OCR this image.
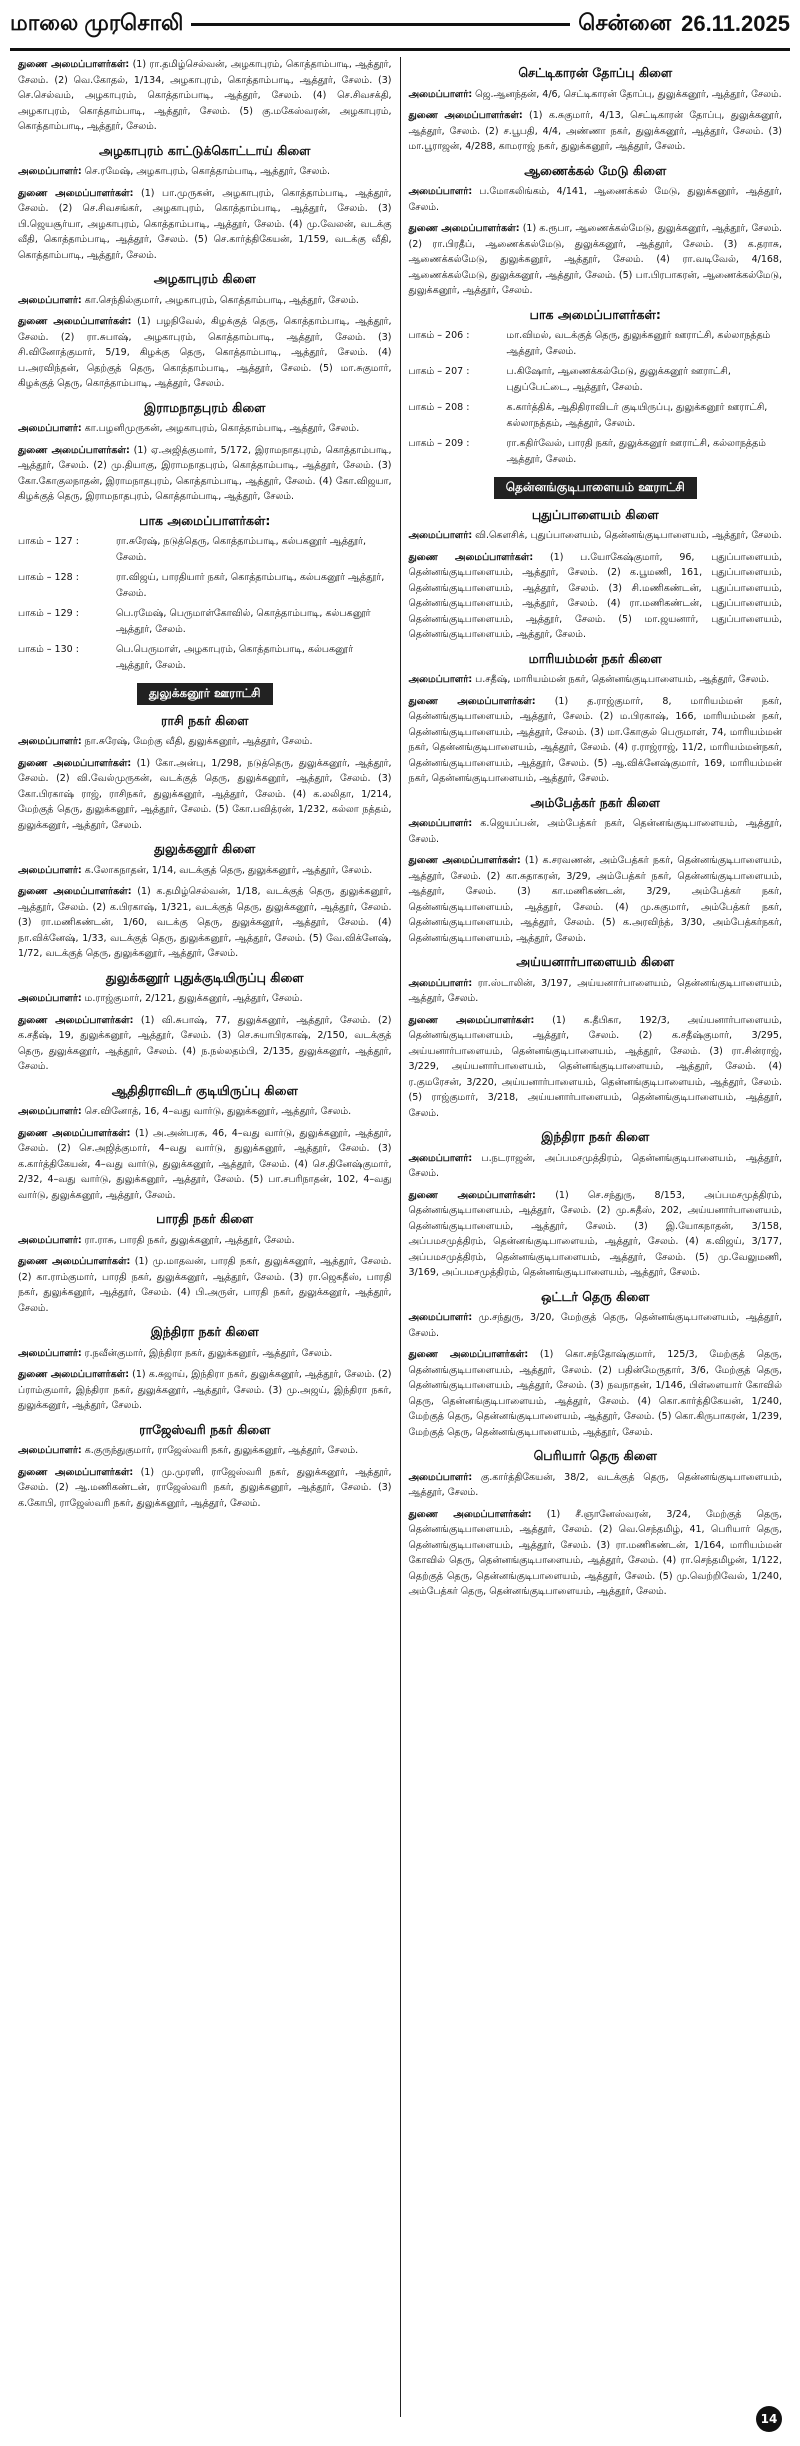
மாலை முரசொலி	சென்னை 26.11.2025

துணை அமைப்பாளர்கள்: (1) ரா.தமிழ்செல்வன், அழகாபுரம், கொத்தாம்பாடி, ஆத்தூர், சேலம். (2) வெ.கோதல், 1/134, அழகாபுரம், கொத்தாம்பாடி, ஆத்தூர், சேலம். (3) செ.செல்வம், அழகாபுரம், கொத்தாம்பாடி, ஆத்தூர், சேலம். (4) செ.சிவசக்தி, அழகாபுரம், கொத்தாம்பாடி, ஆத்தூர், சேலம். (5) கு.மகேஸ்வரன், அழகாபுரம், கொத்தாம்பாடி, ஆத்தூர், சேலம்.

அழகாபுரம் காட்டுக்கொட்டாய் கிளை

அமைப்பாளர்: செ.ரமேஷ், அழகாபுரம், கொத்தாம்பாடி, ஆத்தூர், சேலம்.

துணை அமைப்பாளர்கள்: (1) பா.முருகன், அழகாபுரம், கொத்தாம்பாடி, ஆத்தூர், சேலம். (2) செ.சிவசங்கர், அழகாபுரம், கொத்தாம்பாடி, ஆத்தூர், சேலம். (3) பி.ஜெயசூர்யா, அழகாபுரம், கொத்தாம்பாடி, ஆத்தூர், சேலம். (4) மு.வேலன், வடக்கு வீதி, கொத்தாம்பாடி, ஆத்தூர், சேலம். (5) செ.கார்த்திகேயன், 1/159, வடக்கு வீதி, கொத்தாம்பாடி, ஆத்தூர், சேலம்.

அழகாபுரம் கிளை

அமைப்பாளர்: கா.செந்தில்குமார், அழகாபுரம், கொத்தாம்பாடி, ஆத்தூர், சேலம்.

துணை அமைப்பாளர்கள்: (1) பழநிவேல், கிழக்குத் தெரு, கொத்தாம்பாடி, ஆத்தூர், சேலம். (2) ரா.சுபாஷ், அழகாபுரம், கொத்தாம்பாடி, ஆத்தூர், சேலம். (3) சி.வினோத்குமார், 5/19, கிழக்கு தெரு, கொத்தாம்பாடி, ஆத்தூர், சேலம். (4) ப.அரவிந்தன், தெற்குத் தெரு, கொத்தாம்பாடி, ஆத்தூர், சேலம். (5) மா.சுகுமார், கிழக்குத் தெரு, கொத்தாம்பாடி, ஆத்தூர், சேலம்.

இராமநாதபுரம் கிளை

அமைப்பாளர்: கா.பழனிமுருகன், அழகாபுரம், கொத்தாம்பாடி, ஆத்தூர், சேலம்.

துணை அமைப்பாளர்கள்: (1) ஏ.அஜித்குமார், 5/172, இராமநாதபுரம், கொத்தாம்பாடி, ஆத்தூர், சேலம். (2) மு.தியாகு, இராமநாதபுரம், கொத்தாம்பாடி, ஆத்தூர், சேலம். (3) கோ.கோகுலநாதன், இராமநாதபுரம், கொத்தாம்பாடி, ஆத்தூர், சேலம். (4) கோ.விஜயா, கிழக்குத் தெரு, இராமநாதபுரம், கொத்தாம்பாடி, ஆத்தூர், சேலம்.

பாக அமைப்பாளர்கள்:
பாகம் – 127 :	ரா.சுரேஷ், நடுத்தெரு, கொத்தாம்பாடி, கல்பகனூர் ஆத்தூர், சேலம்.
பாகம் – 128 :	ரா.விஜய், பாரதியார் நகர், கொத்தாம்பாடி, கல்பகனூர் ஆத்தூர், சேலம்.
பாகம் – 129 :	பெ.ரமேஷ், பெருமாள்கோவில், கொத்தாம்பாடி, கல்பகனூர் ஆத்தூர், சேலம்.
பாகம் – 130 :	பெ.பெருமாள், அழகாபுரம், கொத்தாம்பாடி, கல்பகனூர் ஆத்தூர், சேலம்.
துலுக்கனூர் ஊராட்சி
ராசி நகர் கிளை

அமைப்பாளர்: நா.சுரேஷ், மேற்கு வீதி, துலுக்கனூர், ஆத்தூர், சேலம்.

துணை அமைப்பாளர்கள்: (1) கோ.அன்பு, 1/298, நடுத்தெரு, துலுக்கனூர், ஆத்தூர், சேலம். (2) வி.வேல்முருகன், வடக்குத் தெரு, துலுக்கனூர், ஆத்தூர், சேலம். (3) கோ.பிரகாஷ் ராஜ், ராசிநகர், துலுக்கனூர், ஆத்தூர், சேலம். (4) க.லலிதா, 1/214, மேற்குத் தெரு, துலுக்கனூர், ஆத்தூர், சேலம். (5) கோ.பவித்ரன், 1/232, கல்லா நத்தம், துலுக்கனூர், ஆத்தூர், சேலம்.

துலுக்கனூர் கிளை

அமைப்பாளர்: க.லோகநாதன், 1/14, வடக்குத் தெரு, துலுக்கனூர், ஆத்தூர், சேலம்.

துணை அமைப்பாளர்கள்: (1) க.தமிழ்செல்வன், 1/18, வடக்குத் தெரு, துலுக்கனூர், ஆத்தூர், சேலம். (2) க.பிரகாஷ், 1/321, வடக்குத் தெரு, துலுக்கனூர், ஆத்தூர், சேலம். (3) ரா.மணிகண்டன், 1/60, வடக்கு தெரு, துலுக்கனூர், ஆத்தூர், சேலம். (4) நா.விக்னேஷ், 1/33, வடக்குத் தெரு, துலுக்கனூர், ஆத்தூர், சேலம். (5) வே.விக்னேஷ், 1/72, வடக்குத் தெரு, துலுக்கனூர், ஆத்தூர், சேலம்.

துலுக்கனூர் புதுக்குடியிருப்பு கிளை

அமைப்பாளர்: ம.ராஜ்குமார், 2/121, துலுக்கனூர், ஆத்தூர், சேலம்.

துணை அமைப்பாளர்கள்: (1) வி.சுபாஷ், 77, துலுக்கனூர், ஆத்தூர், சேலம். (2) க.சதீஷ், 19, துலுக்கனூர், ஆத்தூர், சேலம். (3) செ.சுயாபிரகாஷ், 2/150, வடக்குத் தெரு, துலுக்கனூர், ஆத்தூர், சேலம். (4) ந.நல்லதம்பி, 2/135, துலுக்கனூர், ஆத்தூர், சேலம்.

ஆதிதிராவிடர் குடியிருப்பு கிளை

அமைப்பாளர்: செ.வினோத், 16, 4–வது வார்டு, துலுக்கனூர், ஆத்தூர், சேலம்.

துணை அமைப்பாளர்கள்: (1) அ.அன்பரசு, 46, 4–வது வார்டு, துலுக்கனூர், ஆத்தூர், சேலம். (2) செ.அஜித்குமார், 4–வது வார்டு, துலுக்கனூர், ஆத்தூர், சேலம். (3) க.கார்த்திகேயன், 4–வது வார்டு, துலுக்கனூர், ஆத்தூர், சேலம். (4) செ.தினேஷ்குமார், 2/32, 4–வது வார்டு, துலுக்கனூர், ஆத்தூர், சேலம். (5) பா.சபரிநாதன், 102, 4–வது வார்டு, துலுக்கனூர், ஆத்தூர், சேலம்.

பாரதி நகர் கிளை

அமைப்பாளர்: ரா.ராசு, பாரதி நகர், துலுக்கனூர், ஆத்தூர், சேலம்.

துணை அமைப்பாளர்கள்: (1) மு.மாதவன், பாரதி நகர், துலுக்கனூர், ஆத்தூர், சேலம். (2) கா.ராம்குமார், பாரதி நகர், துலுக்கனூர், ஆத்தூர், சேலம். (3) ரா.ஜெகதீஸ், பாரதி நகர், துலுக்கனூர், ஆத்தூர், சேலம். (4) பி.அருள், பாரதி நகர், துலுக்கனூர், ஆத்தூர், சேலம்.

இந்திரா நகர் கிளை

அமைப்பாளர்: ர.நவீன்குமார், இந்திரா நகர், துலுக்கனூர், ஆத்தூர், சேலம்.

துணை அமைப்பாளர்கள்: (1) க.சுஜாய், இந்திரா நகர், துலுக்கனூர், ஆத்தூர், சேலம். (2) ப்ராம்குமார், இந்திரா நகர், துலுக்கனூர், ஆத்தூர், சேலம். (3) மு.அஜய், இந்திரா நகர், துலுக்கனூர், ஆத்தூர், சேலம்.

ராஜேஸ்வரி நகர் கிளை

அமைப்பாளர்: க.குருந்துகுமார், ராஜேஸ்வரி நகர், துலுக்கனூர், ஆத்தூர், சேலம்.

துணை அமைப்பாளர்கள்: (1) மு.முரளி, ராஜேஸ்வரி நகர், துலுக்கனூர், ஆத்தூர், சேலம். (2) ஆ.மணிகண்டன், ராஜேஸ்வரி நகர், துலுக்கனூர், ஆத்தூர், சேலம். (3) க.கோபி, ராஜேஸ்வரி நகர், துலுக்கனூர், ஆத்தூர், சேலம்.

செட்டிகாரன் தோப்பு கிளை

அமைப்பாளர்: ஜெ.ஆனந்தன், 4/6, செட்டிகாரன் தோப்பு, துலுக்கனூர், ஆத்தூர், சேலம்.

துணை அமைப்பாளர்கள்: (1) க.சுகுமார், 4/13, செட்டிகாரன் தோப்பு, துலுக்கனூர், ஆத்தூர், சேலம். (2) ச.பூபதி, 4/4, அண்ணா நகர், துலுக்கனூர், ஆத்தூர், சேலம். (3) மா.பூராஜன், 4/288, காமராஜ் நகர், துலுக்கனூர், ஆத்தூர், சேலம்.

ஆணைக்கல் மேடு கிளை

அமைப்பாளர்: ப.மோகலிங்கம், 4/141, ஆணைக்கல் மேடு, துலுக்கனூர், ஆத்தூர், சேலம்.

துணை அமைப்பாளர்கள்: (1) க.ரூபா, ஆணைக்கல்மேடு, துலுக்கனூர், ஆத்தூர், சேலம். (2) ரா.பிரதீப், ஆணைக்கல்மேடு, துலுக்கனூர், ஆத்தூர், சேலம். (3) க.தராசு, ஆணைக்கல்மேடு, துலுக்கனூர், ஆத்தூர், சேலம். (4) ரா.வடிவேல், 4/168, ஆணைக்கல்மேடு, துலுக்கனூர், ஆத்தூர், சேலம். (5) பா.பிரபாகரன், ஆணைக்கல்மேடு, துலுக்கனூர், ஆத்தூர், சேலம்.

பாக அமைப்பாளர்கள்:
பாகம் – 206 :	மா.விமல், வடக்குத் தெரு, துலுக்கனூர் ஊராட்சி, கல்லாநத்தம் ஆத்தூர், சேலம்.
பாகம் – 207 :	ப.கிஷோர், ஆணைக்கல்மேடு, துலுக்கனூர் ஊராட்சி, புதுப்பேட்டை, ஆத்தூர், சேலம்.
பாகம் – 208 :	க.கார்த்திக், ஆதிதிராவிடர் குடியிருப்பு, துலுக்கனூர் ஊராட்சி, கல்லாநத்தம், ஆத்தூர், சேலம்.
பாகம் – 209 :	ரா.கதிர்வேல், பாரதி நகர், துலுக்கனூர் ஊராட்சி, கல்லாநத்தம் ஆத்தூர், சேலம்.
தென்னங்குடிபாளையம் ஊராட்சி
புதுப்பாளையம் கிளை

அமைப்பாளர்: வி.கௌசிக், புதுப்பாளையம், தென்னங்குடிபாளையம், ஆத்தூர், சேலம்.

துணை அமைப்பாளர்கள்: (1) ப.யோகேஷ்குமார், 96, புதுப்பாளையம், தென்னங்குடிபாளையம், ஆத்தூர், சேலம். (2) க.பூமணி, 161, புதுப்பாளையம், தென்னங்குடிபாளையம், ஆத்தூர், சேலம். (3) சி.மணிகண்டன், புதுப்பாளையம், தென்னங்குடிபாளையம், ஆத்தூர், சேலம். (4) ரா.மணிகண்டன், புதுப்பாளையம், தென்னங்குடிபாளையம், ஆத்தூர், சேலம். (5) மா.ஜயனார், புதுப்பாளையம், தென்னங்குடிபாளையம், ஆத்தூர், சேலம்.

மாரியம்மன் நகர் கிளை

அமைப்பாளர்: ப.சதீஷ், மாரியம்மன் நகர், தென்னங்குடிபாளையம், ஆத்தூர், சேலம்.

துணை அமைப்பாளர்கள்: (1) த.ராஜ்குமார், 8, மாரியம்மன் நகர், தென்னங்குடிபாளையம், ஆத்தூர், சேலம். (2) ம.பிரகாஷ், 166, மாரியம்மன் நகர், தென்னங்குடிபாளையம், ஆத்தூர், சேலம். (3) மா.கோகுல் பெருமாள், 74, மாரியம்மன் நகர், தென்னங்குடிபாளையம், ஆத்தூர், சேலம். (4) ர.ராஜ்ராஜ், 11/2, மாரியம்மன்நகர், தென்னங்குடிபாளையம், ஆத்தூர், சேலம். (5) ஆ.விக்னேஷ்குமார், 169, மாரியம்மன் நகர், தென்னங்குடிபாளையம், ஆத்தூர், சேலம்.

அம்பேத்கர் நகர் கிளை

அமைப்பாளர்: க.ஜெயப்பன், அம்பேத்கர் நகர், தென்னங்குடிபாளையம், ஆத்தூர், சேலம்.

துணை அமைப்பாளர்கள்: (1) க.சரவணன், அம்பேத்கர் நகர், தென்னங்குடிபாளையம், ஆத்தூர், சேலம். (2) கா.சுதாகரன், 3/29, அம்பேத்கர் நகர், தென்னங்குடிபாளையம், ஆத்தூர், சேலம். (3) கா.மணிகண்டன், 3/29, அம்பேத்கர் நகர், தென்னங்குடிபாளையம், ஆத்தூர், சேலம். (4) மு.சுகுமார், அம்பேத்கர் நகர், தென்னங்குடிபாளையம், ஆத்தூர், சேலம். (5) க.அரவிந்த், 3/30, அம்பேத்கர்நகர், தென்னங்குடிபாளையம், ஆத்தூர், சேலம்.

அய்யனார்பாளையம் கிளை

அமைப்பாளர்: ரா.ஸ்டாலின், 3/197, அய்யனார்பாளையம், தென்னங்குடிபாளையம், ஆத்தூர், சேலம்.

துணை அமைப்பாளர்கள்: (1) க.தீபிகா, 192/3, அய்யனார்பாளையம், தென்னங்குடிபாளையம், ஆத்தூர், சேலம். (2) க.சதீஷ்குமார், 3/295, அய்யனார்பாளையம், தென்னங்குடிபாளையம், ஆத்தூர், சேலம். (3) ரா.சின்ராஜ், 3/229, அய்யனார்பாளையம், தென்னங்குடிபாளையம், ஆத்தூர், சேலம். (4) ர.குமரேசன், 3/220, அய்யனார்பாளையம், தென்னங்குடிபாளையம், ஆத்தூர், சேலம். (5) ராஜ்குமார், 3/218, அய்யனார்பாளையம், தென்னங்குடிபாளையம், ஆத்தூர், சேலம்.

இந்திரா நகர் கிளை

அமைப்பாளர்: ப.நடராஜன், அப்பமசமுத்திரம், தென்னங்குடிபாளையம், ஆத்தூர், சேலம்.

துணை அமைப்பாளர்கள்: (1) செ.சந்துரு, 8/153, அப்பமசமுத்திரம், தென்னங்குடிபாளையம், ஆத்தூர், சேலம். (2) மு.சுதீஸ், 202, அய்யனார்பாளையம், தென்னங்குடிபாளையம், ஆத்தூர், சேலம். (3) இ.யோகநாதன், 3/158, அப்பமசமுத்திரம், தென்னங்குடிபாளையம், ஆத்தூர், சேலம். (4) க.விஜய், 3/177, அப்பமசமுத்திரம், தென்னங்குடிபாளையம், ஆத்தூர், சேலம். (5) மு.வேலுமணி, 3/169, அப்பமசமுத்திரம், தென்னங்குடிபாளையம், ஆத்தூர், சேலம்.

ஒட்டர் தெரு கிளை

அமைப்பாளர்: மு.சந்துரு, 3/20, மேற்குத் தெரு, தென்னங்குடிபாளையம், ஆத்தூர், சேலம்.

துணை அமைப்பாளர்கள்: (1) கொ.சந்தோஷ்குமார், 125/3, மேற்குத் தெரு, தென்னங்குடிபாளையம், ஆத்தூர், சேலம். (2) பதின்மேருதார், 3/6, மேற்குத் தெரு, தென்னங்குடிபாளையம், ஆத்தூர், சேலம். (3) நவநாதன், 1/146, பிள்ளையார் கோவில் தெரு, தென்னங்குடிபாளையம், ஆத்தூர், சேலம். (4) கொ.கார்த்திகேயன், 1/240, மேற்குத் தெரு, தென்னங்குடிபாளையம், ஆத்தூர், சேலம். (5) கொ.கிருபாகரன், 1/239, மேற்குத் தெரு, தென்னங்குடிபாளையம், ஆத்தூர், சேலம்.

பெரியார் தெரு கிளை

அமைப்பாளர்: கு.கார்த்திகேயன், 38/2, வடக்குத் தெரு, தென்னங்குடிபாளையம், ஆத்தூர், சேலம்.

துணை அமைப்பாளர்கள்: (1) சீ.ஞானேஸ்வரன், 3/24, மேற்குத் தெரு, தென்னங்குடிபாளையம், ஆத்தூர், சேலம். (2) வெ.செந்தமிழ், 41, பெரியார் தெரு, தென்னங்குடிபாளையம், ஆத்தூர், சேலம். (3) ரா.மணிகண்டன், 1/164, மாரியம்மன் கோவில் தெரு, தென்னங்குடிபாளையம், ஆத்தூர், சேலம். (4) ரா.செந்தமிழன், 1/122, தெற்குத் தெரு, தென்னங்குடிபாளையம், ஆத்தூர், சேலம். (5) மு.வெற்றிவேல், 1/240, அம்பேத்கர் தெரு, தென்னங்குடிபாளையம், ஆத்தூர், சேலம்.

14
